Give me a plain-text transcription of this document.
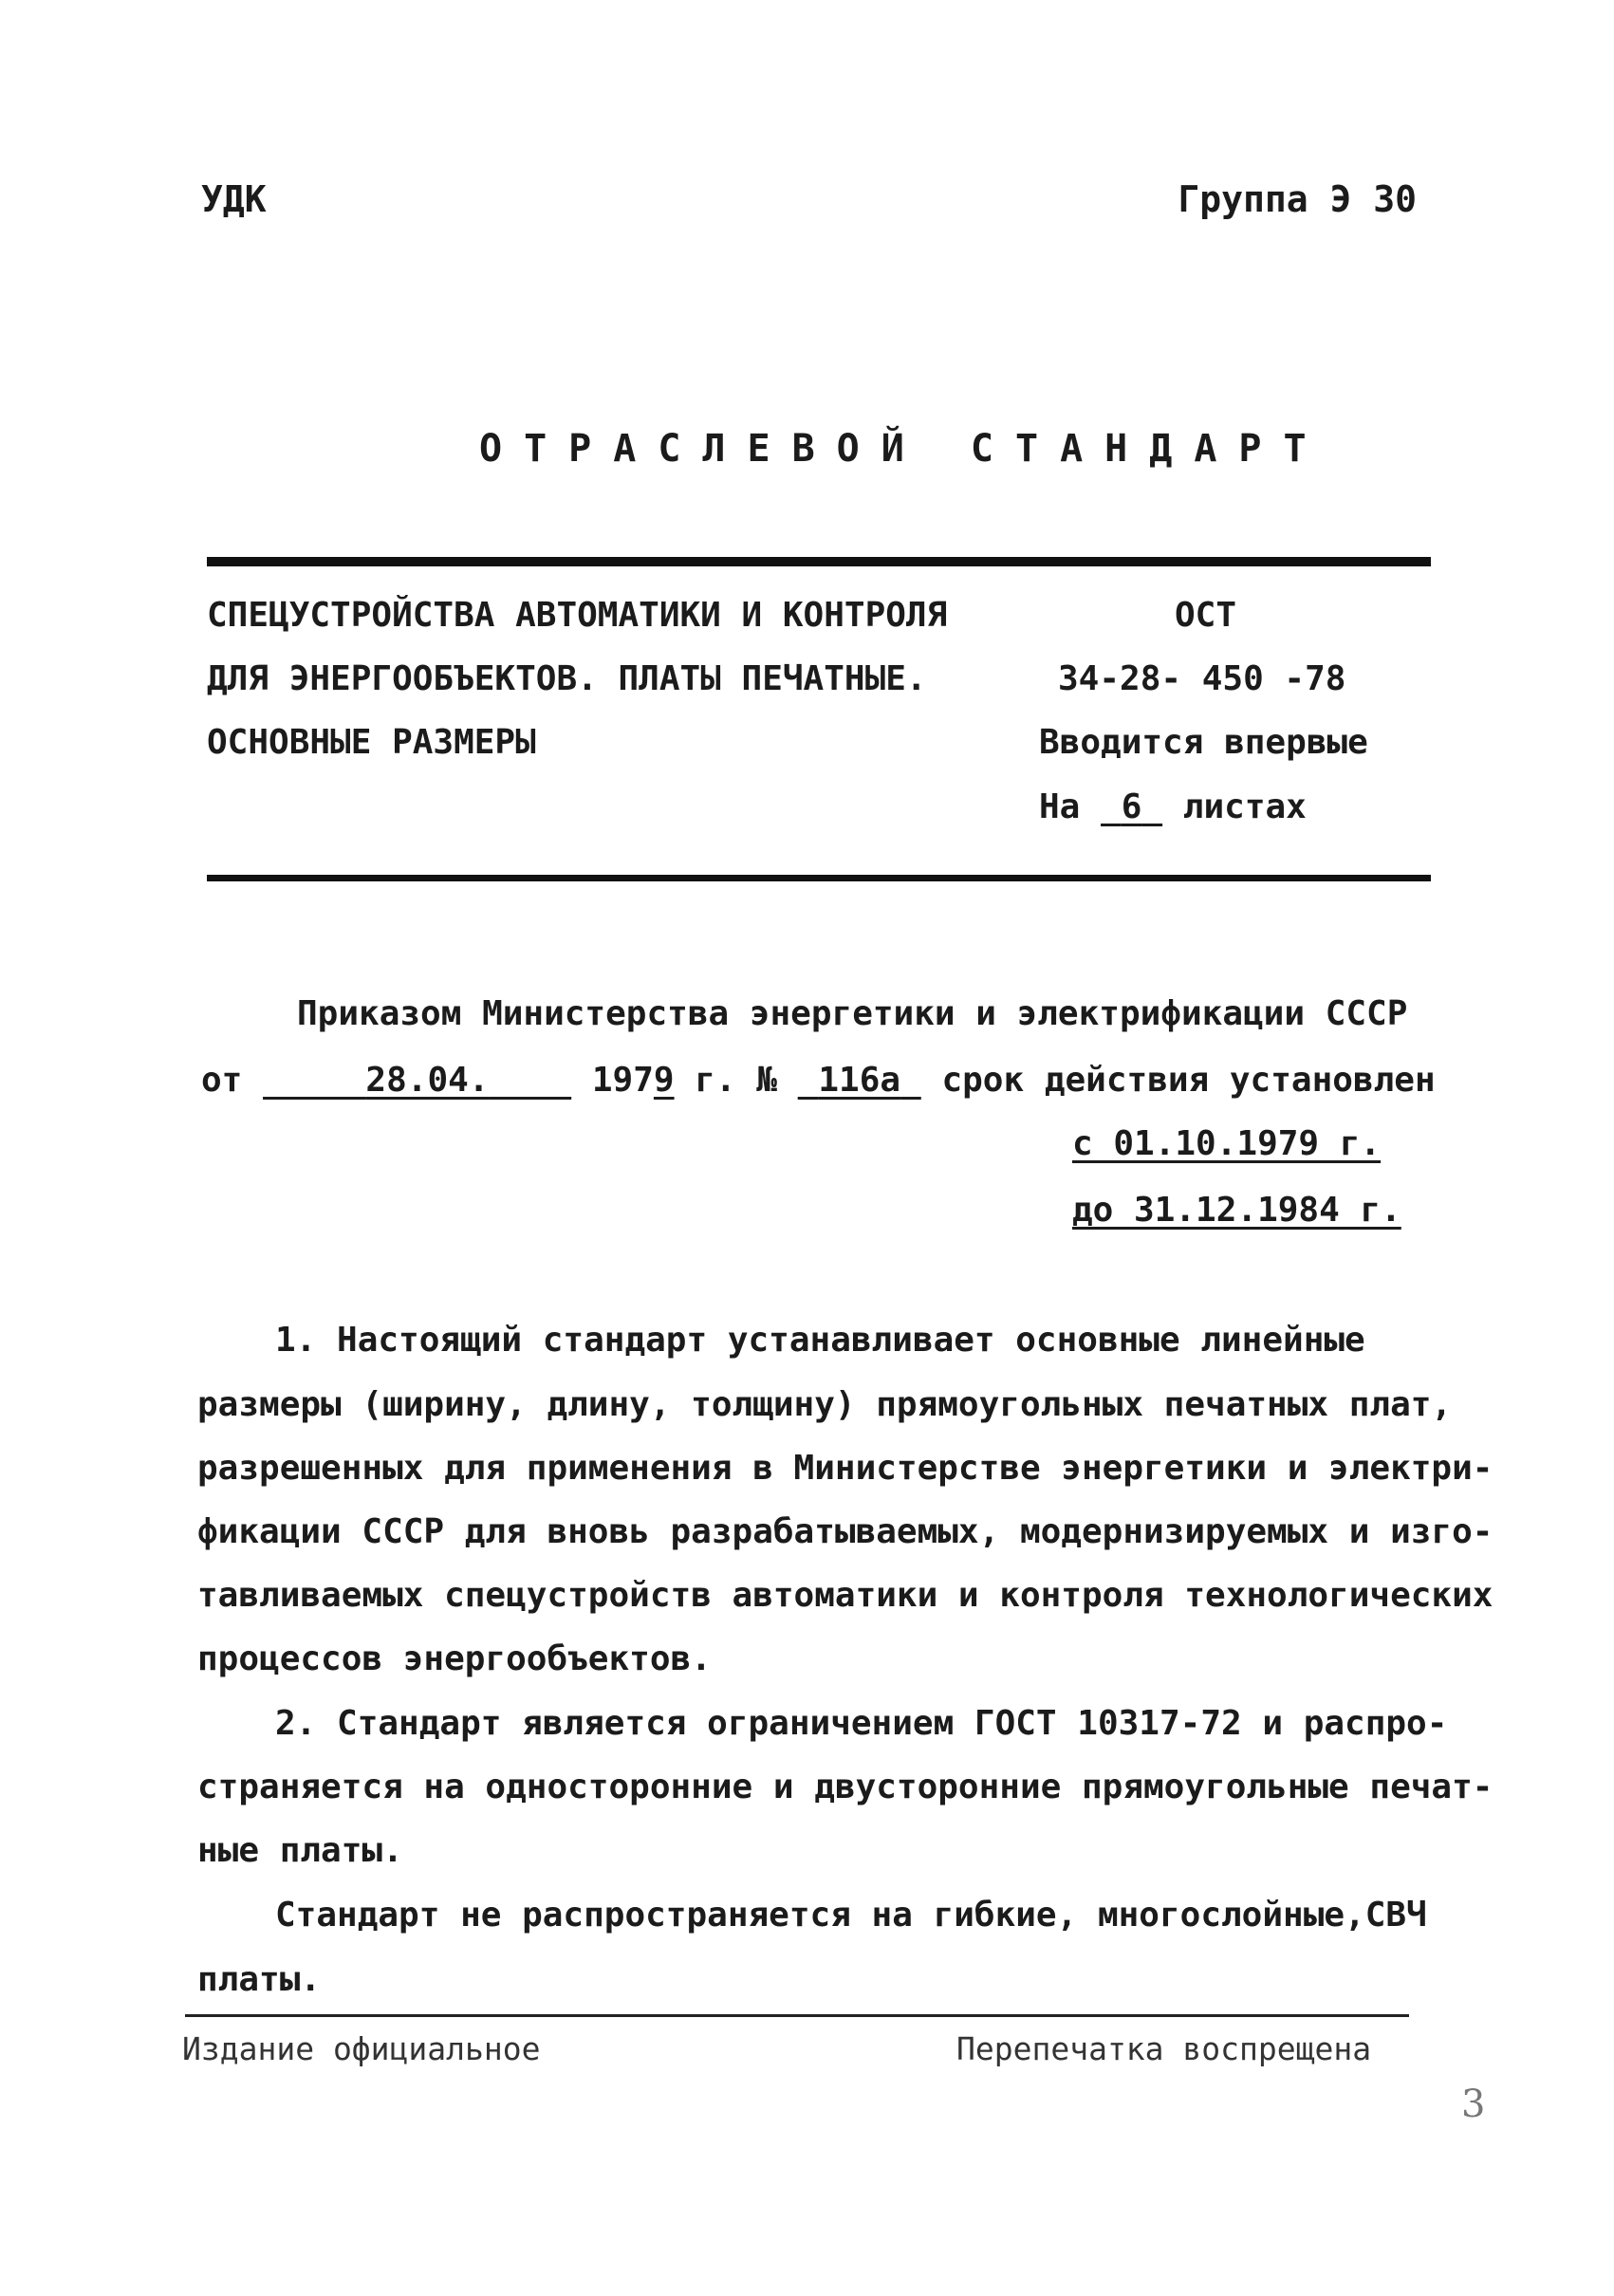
УДК	Группа Э 30
ОТРАСЛЕВОЙ СТАНДАРТ
СПЕЦУСТРОЙСТВА АВТОМАТИКИ И КОНТРОЛЯ
ДЛЯ ЭНЕРГООБЪЕКТОВ. ПЛАТЫ ПЕЧАТНЫЕ.
ОСНОВНЫЕ РАЗМЕРЫ
ОСТ
34-28- 450 -78
Вводится впервые
На 6 листах
Приказом Министерства энергетики и электрификации СССР
от	28.04.	1979 г. № 116а срок действия установлен
с 01.10.1979 г.
до 31.12.1984 г.
1. Настоящий стандарт устанавливает основные линейные
размеры (ширину, длину, толщину) прямоугольных печатных плат,
разрешенных для применения в Министерстве энергетики и электри-
фикации СССР для вновь разрабатываемых, модернизируемых и изго-
тавливаемых спецустройств автоматики и контроля технологических
процессов энергообъектов.
2. Стандарт является ограничением ГОСТ 10317-72 и распро-
страняется на односторонние и двусторонние прямоугольные печат-
ные платы.
Стандарт не распространяется на гибкие, многослойные,СВЧ
платы.
Издание официальное	Перепечатка воспрещена
3
